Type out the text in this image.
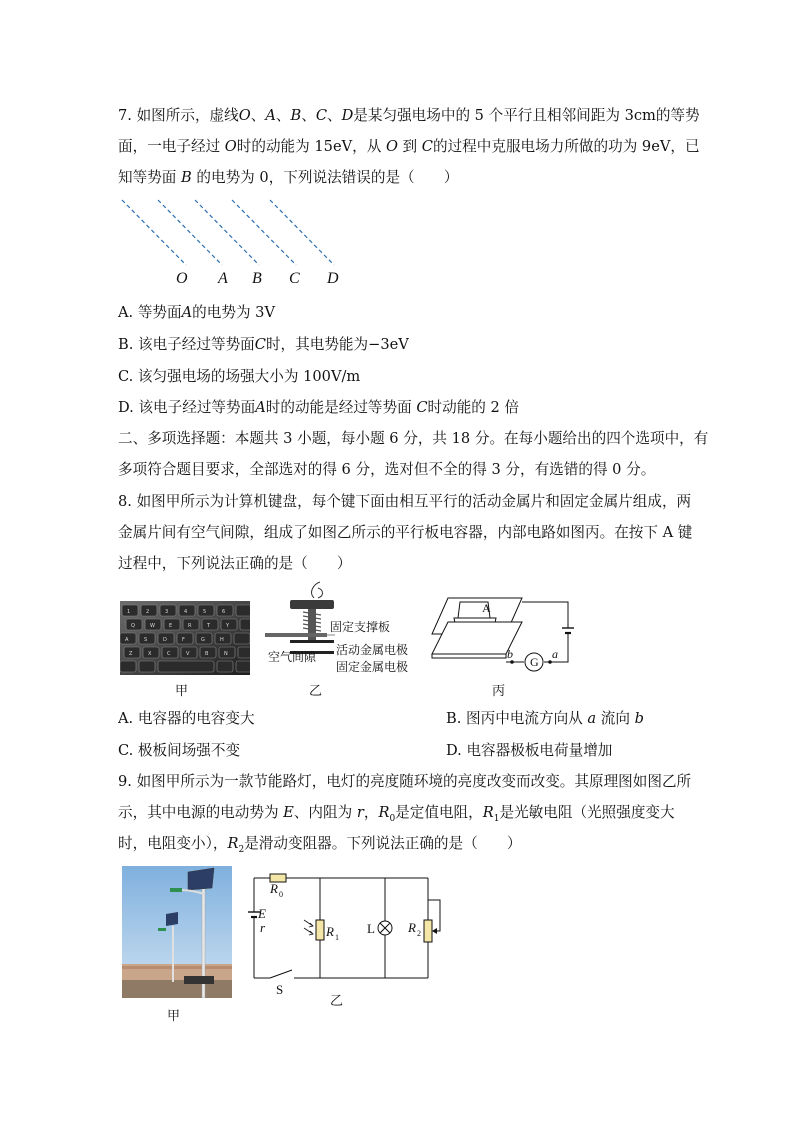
7. 如图所示，虚线O、A、B、C、D是某匀强电场中的 5 个平行且相邻间距为 3cm的等势
面，一电子经过 O时的动能为 15eV，从 O 到 C的过程中克服电场力所做的功为 9eV，已
知等势面 B 的电势为 0，下列说法错误的是（　　）
O A B C D
A. 等势面A的电势为 3V
B. 该电子经过等势面C时，其电势能为−3eV
C. 该匀强电场的场强大小为 100V/m
D. 该电子经过等势面A时的动能是经过等势面 C时动能的 2 倍
二、多项选择题：本题共 3 小题，每小题 6 分，共 18 分。在每小题给出的四个选项中，有
多项符合题目要求，全部选对的得 6 分，选对但不全的得 3 分，有选错的得 0 分。
8. 如图甲所示为计算机键盘，每个键下面由相互平行的活动金属片和固定金属片组成，两
金属片间有空气间隙，组成了如图乙所示的平行板电容器，内部电路如图丙。在按下 A 键
过程中，下列说法正确的是（　　）
1	2	3	4	5	6
Q	W	E	R	T	Y
A	S	D	F	G	H
Z	X	C	V	B	N
甲
固定支撑板
空气间隙 活动金属电极
固定金属电极
乙
A
b
G
a
丙
A. 电容器的电容变大	B. 图丙中电流方向从 a 流向 b
C. 极板间场强不变	D. 电容器极板电荷量增加
9. 如图甲所示为一款节能路灯，电灯的亮度随环境的亮度改变而改变。其原理图如图乙所
示，其中电源的电动势为 E、内阻为 r，$R_0$是定值电阻，$R_1$是光敏电阻（光照强度变大
时，电阻变小），$R_2$是滑动变阻器。下列说法正确的是（　　）
甲
R 0
E
r	R 1
L	R 2
S
乙
